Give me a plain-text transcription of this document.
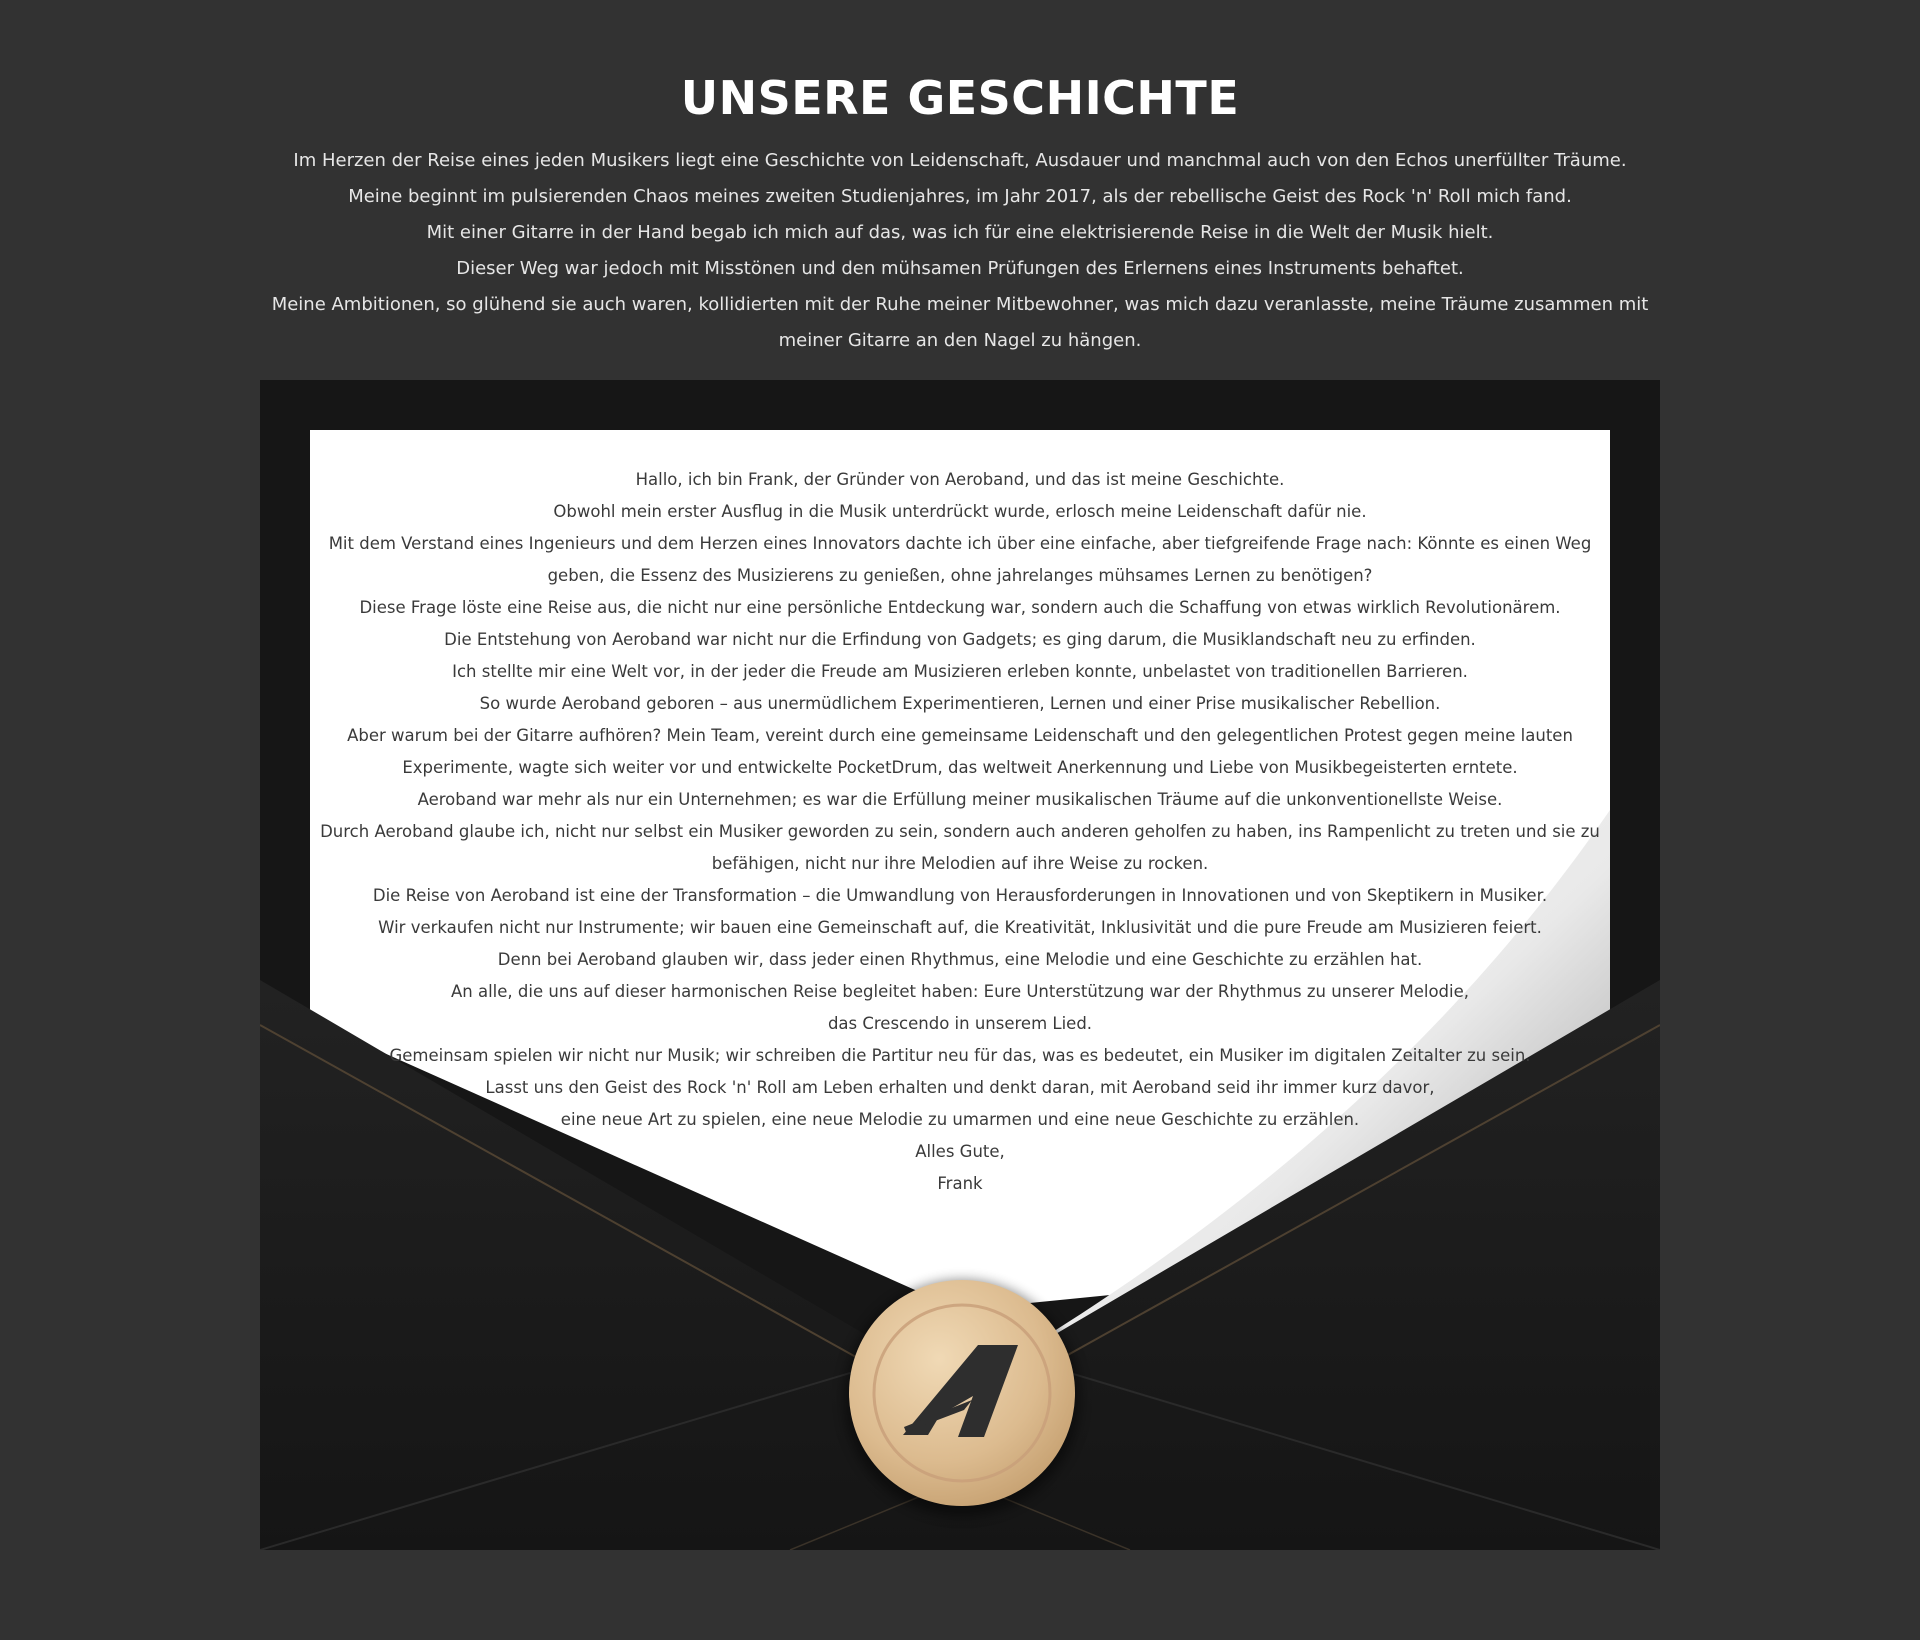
UNSERE GESCHICHTE

Im Herzen der Reise eines jeden Musikers liegt eine Geschichte von Leidenschaft, Ausdauer und manchmal auch von den Echos unerfüllter Träume.

Meine beginnt im pulsierenden Chaos meines zweiten Studienjahres, im Jahr 2017, als der rebellische Geist des Rock 'n' Roll mich fand.

Mit einer Gitarre in der Hand begab ich mich auf das, was ich für eine elektrisierende Reise in die Welt der Musik hielt.

Dieser Weg war jedoch mit Misstönen und den mühsamen Prüfungen des Erlernens eines Instruments behaftet.

Meine Ambitionen, so glühend sie auch waren, kollidierten mit der Ruhe meiner Mitbewohner, was mich dazu veranlasste, meine Träume zusammen mit meiner Gitarre an den Nagel zu hängen.

Hallo, ich bin Frank, der Gründer von Aeroband, und das ist meine Geschichte.

Obwohl mein erster Ausflug in die Musik unterdrückt wurde, erlosch meine Leidenschaft dafür nie.

Mit dem Verstand eines Ingenieurs und dem Herzen eines Innovators dachte ich über eine einfache, aber tiefgreifende Frage nach: Könnte es einen Weg geben, die Essenz des Musizierens zu genießen, ohne jahrelanges mühsames Lernen zu benötigen?

Diese Frage löste eine Reise aus, die nicht nur eine persönliche Entdeckung war, sondern auch die Schaffung von etwas wirklich Revolutionärem.

Die Entstehung von Aeroband war nicht nur die Erfindung von Gadgets; es ging darum, die Musiklandschaft neu zu erfinden.

Ich stellte mir eine Welt vor, in der jeder die Freude am Musizieren erleben konnte, unbelastet von traditionellen Barrieren.

So wurde Aeroband geboren – aus unermüdlichem Experimentieren, Lernen und einer Prise musikalischer Rebellion.

Aber warum bei der Gitarre aufhören? Mein Team, vereint durch eine gemeinsame Leidenschaft und den gelegentlichen Protest gegen meine lauten Experimente, wagte sich weiter vor und entwickelte PocketDrum, das weltweit Anerkennung und Liebe von Musikbegeisterten erntete.

Aeroband war mehr als nur ein Unternehmen; es war die Erfüllung meiner musikalischen Träume auf die unkonventionellste Weise.

Durch Aeroband glaube ich, nicht nur selbst ein Musiker geworden zu sein, sondern auch anderen geholfen zu haben, ins Rampenlicht zu treten und sie zu befähigen, nicht nur ihre Melodien auf ihre Weise zu rocken.

Die Reise von Aeroband ist eine der Transformation – die Umwandlung von Herausforderungen in Innovationen und von Skeptikern in Musiker.

Wir verkaufen nicht nur Instrumente; wir bauen eine Gemeinschaft auf, die Kreativität, Inklusivität und die pure Freude am Musizieren feiert.

Denn bei Aeroband glauben wir, dass jeder einen Rhythmus, eine Melodie und eine Geschichte zu erzählen hat.

An alle, die uns auf dieser harmonischen Reise begleitet haben: Eure Unterstützung war der Rhythmus zu unserer Melodie,

das Crescendo in unserem Lied.

Gemeinsam spielen wir nicht nur Musik; wir schreiben die Partitur neu für das, was es bedeutet, ein Musiker im digitalen Zeitalter zu sein.

Lasst uns den Geist des Rock 'n' Roll am Leben erhalten und denkt daran, mit Aeroband seid ihr immer kurz davor,

eine neue Art zu spielen, eine neue Melodie zu umarmen und eine neue Geschichte zu erzählen.

Alles Gute,

Frank
